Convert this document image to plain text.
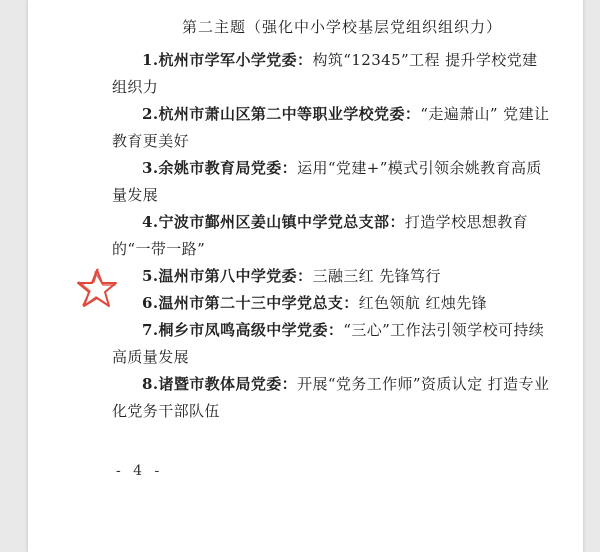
第二主题（强化中小学校基层党组织组织力）

1.杭州市学军小学党委：构筑“12345”工程 提升学校党建组织力

2.杭州市萧山区第二中等职业学校党委：“走遍萧山” 党建让教育更美好

3.余姚市教育局党委：运用“党建+”模式引领余姚教育高质量发展

4.宁波市鄞州区姜山镇中学党总支部：打造学校思想教育的“一带一路”

5.温州市第八中学党委：三融三红 先锋笃行

6.温州市第二十三中学党总支：红色领航 红烛先锋

7.桐乡市凤鸣高级中学党委：“三心”工作法引领学校可持续高质量发展

8.诸暨市教体局党委：开展“党务工作师”资质认定 打造专业化党务干部队伍

- 4 -
